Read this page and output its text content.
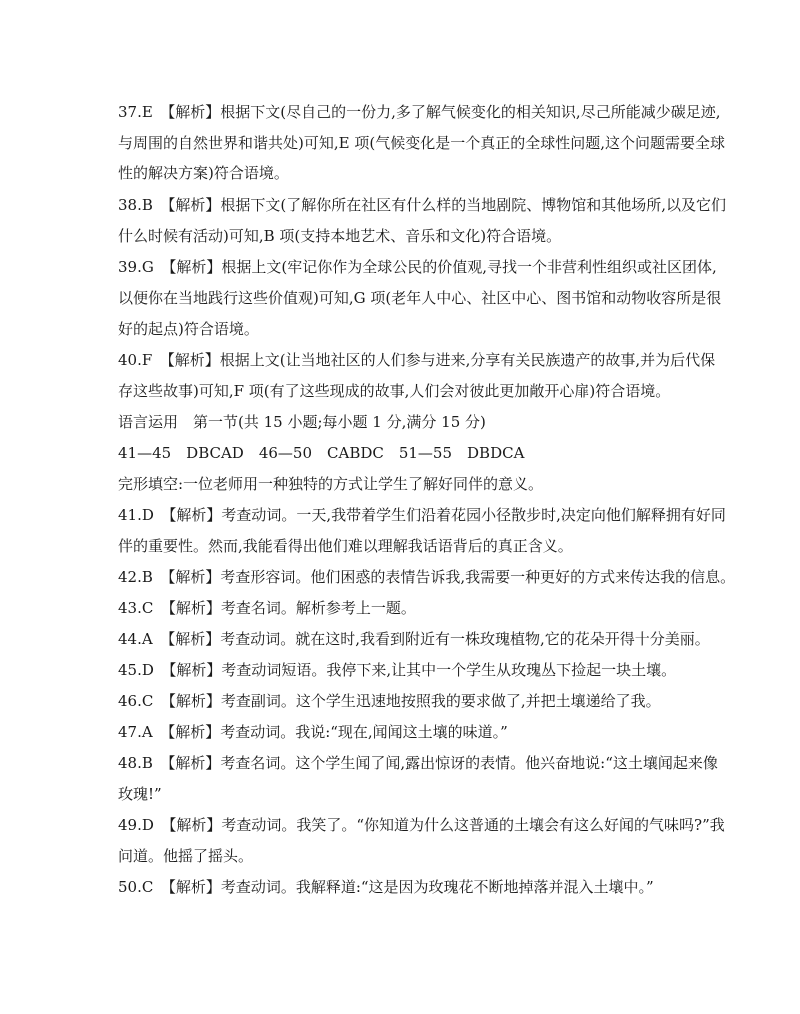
37.E　【解析】根据下文(尽自己的一份力,多了解气候变化的相关知识,尽己所能减少碳足迹,
与周围的自然世界和谐共处)可知,E 项(气候变化是一个真正的全球性问题,这个问题需要全球
性的解决方案)符合语境。
38.B　【解析】根据下文(了解你所在社区有什么样的当地剧院、博物馆和其他场所,以及它们
什么时候有活动)可知,B 项(支持本地艺术、音乐和文化)符合语境。
39.G　【解析】根据上文(牢记你作为全球公民的价值观,寻找一个非营利性组织或社区团体,
以便你在当地践行这些价值观)可知,G 项(老年人中心、社区中心、图书馆和动物收容所是很
好的起点)符合语境。
40.F　【解析】根据上文(让当地社区的人们参与进来,分享有关民族遗产的故事,并为后代保
存这些故事)可知,F 项(有了这些现成的故事,人们会对彼此更加敞开心扉)符合语境。
语言运用　第一节(共 15 小题;每小题 1 分,满分 15 分)
41—45　DBCAD　46—50　CABDC　51—55　DBDCA
完形填空:一位老师用一种独特的方式让学生了解好同伴的意义。
41.D　【解析】考查动词。一天,我带着学生们沿着花园小径散步时,决定向他们解释拥有好同
伴的重要性。然而,我能看得出他们难以理解我话语背后的真正含义。
42.B　【解析】考查形容词。他们困惑的表情告诉我,我需要一种更好的方式来传达我的信息。
43.C　【解析】考查名词。解析参考上一题。
44.A　【解析】考查动词。就在这时,我看到附近有一株玫瑰植物,它的花朵开得十分美丽。
45.D　【解析】考查动词短语。我停下来,让其中一个学生从玫瑰丛下捡起一块土壤。
46.C　【解析】考查副词。这个学生迅速地按照我的要求做了,并把土壤递给了我。
47.A　【解析】考查动词。我说:“现在,闻闻这土壤的味道。”
48.B　【解析】考查名词。这个学生闻了闻,露出惊讶的表情。他兴奋地说:“这土壤闻起来像
玫瑰!”
49.D　【解析】考查动词。我笑了。“你知道为什么这普通的土壤会有这么好闻的气味吗?”我
问道。他摇了摇头。
50.C　【解析】考查动词。我解释道:“这是因为玫瑰花不断地掉落并混入土壤中。”
